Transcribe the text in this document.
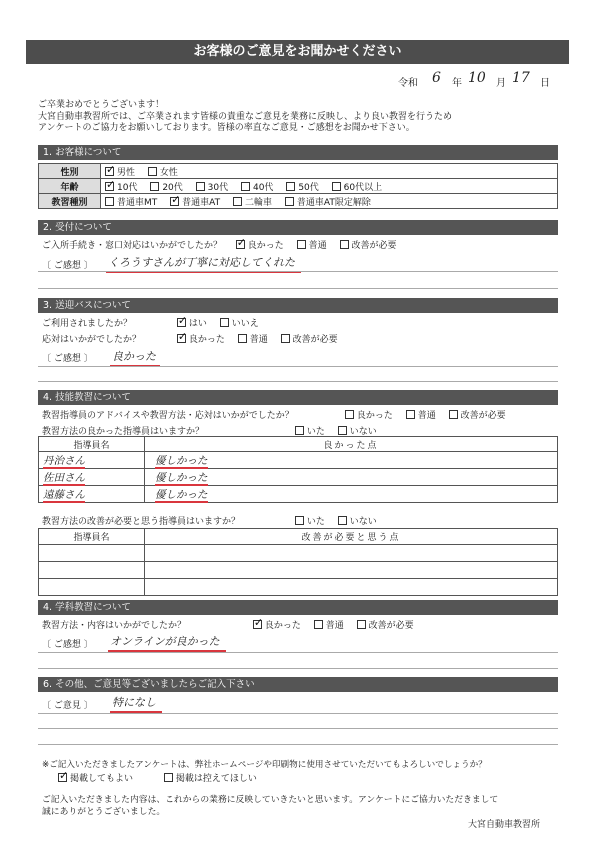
お客様のご意見をお聞かせください
令和 6 年 10 月 17 日
ご卒業おめでとうございます！
大宮自動車教習所では、ご卒業されます皆様の貴重なご意見を業務に反映し、より良い教習を行うため
アンケートのご協力をお願いしております。皆様の率直なご意見・ご感想をお聞かせ下さい。
1. お客様について
性別	✓男性 女性
年齢	✓10代 20代 30代 40代 50代 60代以上
教習種別	普通車MT ✓ 普通車AT 二輪車 普通車AT限定解除
2. 受付について
ご入所手続き・窓口対応はいかがでしたか？ ✓	良かった	普通	改善が必要
〔 ご感想 〕 くろうすさんが丁寧に対応してくれた
3. 送迎バスについて
ご利用されましたか？ ✓	はい	いいえ
応対はいかがでしたか？ ✓	良かった	普通	改善が必要
〔 ご感想 〕 良かった
4. 技能教習について
教習指導員のアドバイスや教習方法・応対はいかがでしたか？	良かった	普通	改善が必要
教習方法の良かった指導員はいますか？	いた	いない
指導員名	良かった点
丹治さん	優しかった
佐田さん	優しかった
遠藤さん	優しかった
教習方法の改善が必要と思う指導員はいますか？	いた	いない
指導員名	改善が必要と思う点

4. 学科教習について
教習方法・内容はいかがでしたか？ ✓	良かった	普通	改善が必要
〔 ご感想 〕 オンラインが良かった
6. その他、ご意見等ございましたらご記入下さい
〔 ご意見 〕 特になし
※ご記入いただきましたアンケートは、弊社ホームページや印刷物に使用させていただいてもよろしいでしょうか？
✓掲載してもよい	掲載は控えてほしい
ご記入いただきました内容は、これからの業務に反映していきたいと思います。アンケートにご協力いただきまして
誠にありがとうございました。
大宮自動車教習所
